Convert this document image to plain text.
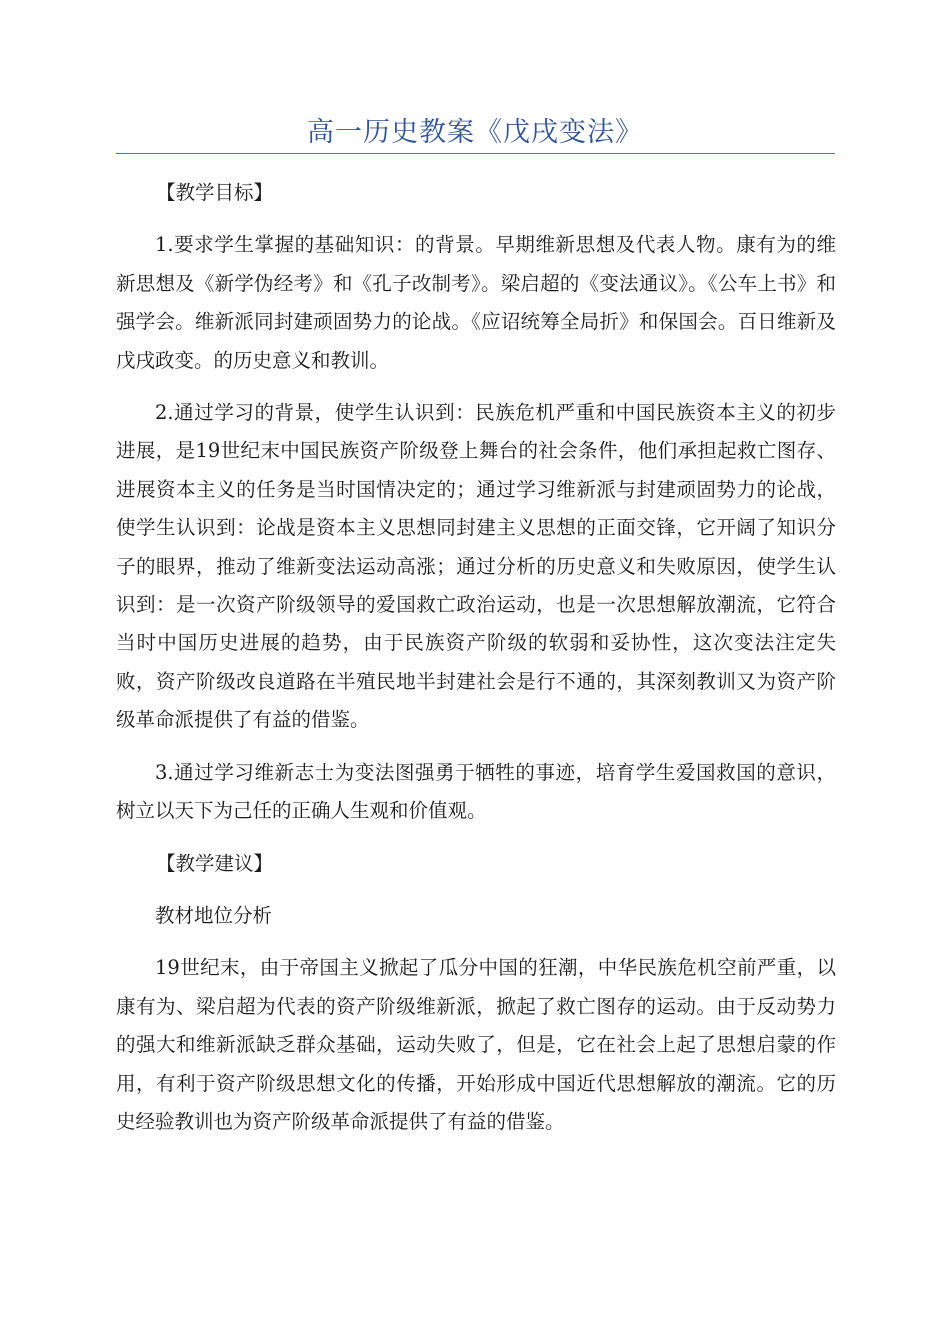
高一历史教案《戊戌变法》

【教学目标】

1.要求学生掌握的基础知识：的背景。早期维新思想及代表人物。康有为的维新思想及《新学伪经考》和《孔子改制考》。梁启超的《变法通议》。《公车上书》和强学会。维新派同封建顽固势力的论战。《应诏统筹全局折》和保国会。百日维新及戊戌政变。的历史意义和教训。

2.通过学习的背景，使学生认识到：民族危机严重和中国民族资本主义的初步进展，是19世纪末中国民族资产阶级登上舞台的社会条件，他们承担起救亡图存、进展资本主义的任务是当时国情决定的；通过学习维新派与封建顽固势力的论战，使学生认识到：论战是资本主义思想同封建主义思想的正面交锋，它开阔了知识分子的眼界，推动了维新变法运动高涨；通过分析的历史意义和失败原因，使学生认识到：是一次资产阶级领导的爱国救亡政治运动，也是一次思想解放潮流，它符合当时中国历史进展的趋势，由于民族资产阶级的软弱和妥协性，这次变法注定失败，资产阶级改良道路在半殖民地半封建社会是行不通的，其深刻教训又为资产阶级革命派提供了有益的借鉴。

3.通过学习维新志士为变法图强勇于牺牲的事迹，培育学生爱国救国的意识，树立以天下为己任的正确人生观和价值观。

【教学建议】

教材地位分析

19世纪末，由于帝国主义掀起了瓜分中国的狂潮，中华民族危机空前严重，以康有为、梁启超为代表的资产阶级维新派，掀起了救亡图存的运动。由于反动势力的强大和维新派缺乏群众基础，运动失败了，但是，它在社会上起了思想启蒙的作用，有利于资产阶级思想文化的传播，开始形成中国近代思想解放的潮流。它的历史经验教训也为资产阶级革命派提供了有益的借鉴。
